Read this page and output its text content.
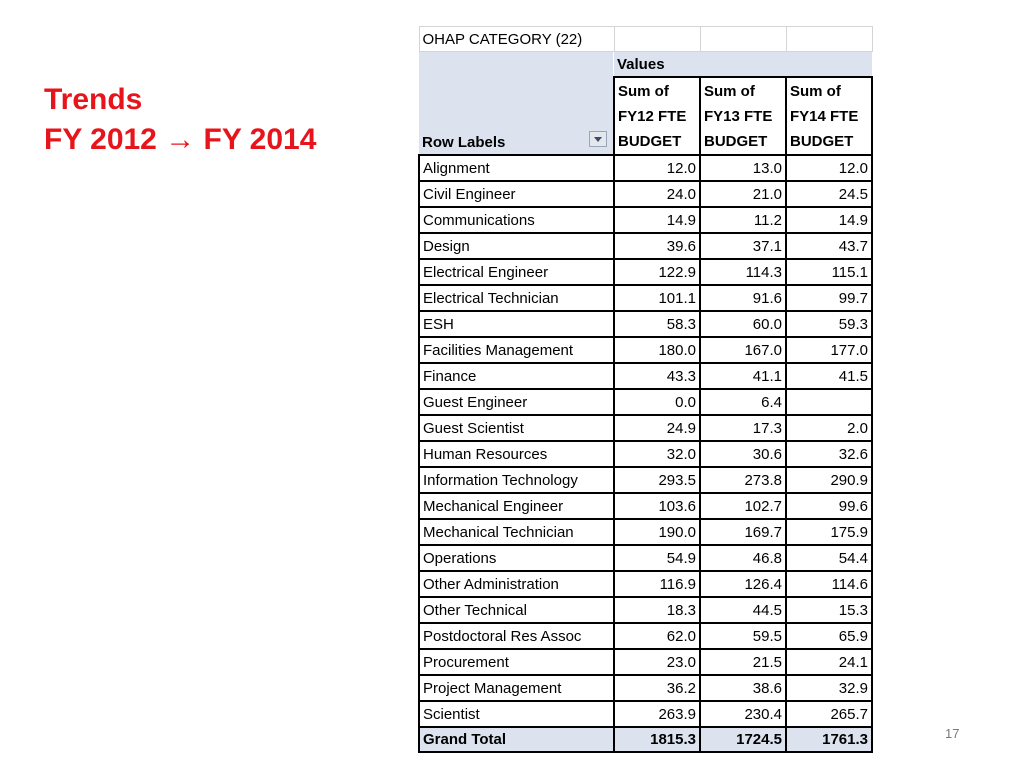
Trends
FY 2012 → FY 2014
OHAP CATEGORY (22)			

Row Labels	Values		
	Sum of FY12 FTE BUDGET	Sum of FY13 FTE BUDGET	Sum of FY14 FTE BUDGET
Alignment	12.0	13.0	12.0
Civil Engineer	24.0	21.0	24.5
Communications	14.9	11.2	14.9
Design	39.6	37.1	43.7
Electrical Engineer	122.9	114.3	115.1
Electrical Technician	101.1	91.6	99.7
ESH	58.3	60.0	59.3
Facilities Management	180.0	167.0	177.0
Finance	43.3	41.1	41.5
Guest Engineer	0.0	6.4	
Guest Scientist	24.9	17.3	2.0
Human Resources	32.0	30.6	32.6
Information Technology	293.5	273.8	290.9
Mechanical Engineer	103.6	102.7	99.6
Mechanical Technician	190.0	169.7	175.9
Operations	54.9	46.8	54.4
Other Administration	116.9	126.4	114.6
Other Technical	18.3	44.5	15.3
Postdoctoral Res Assoc	62.0	59.5	65.9
Procurement	23.0	21.5	24.1
Project Management	36.2	38.6	32.9
Scientist	263.9	230.4	265.7
Grand Total	1815.3	1724.5	1761.3	17
